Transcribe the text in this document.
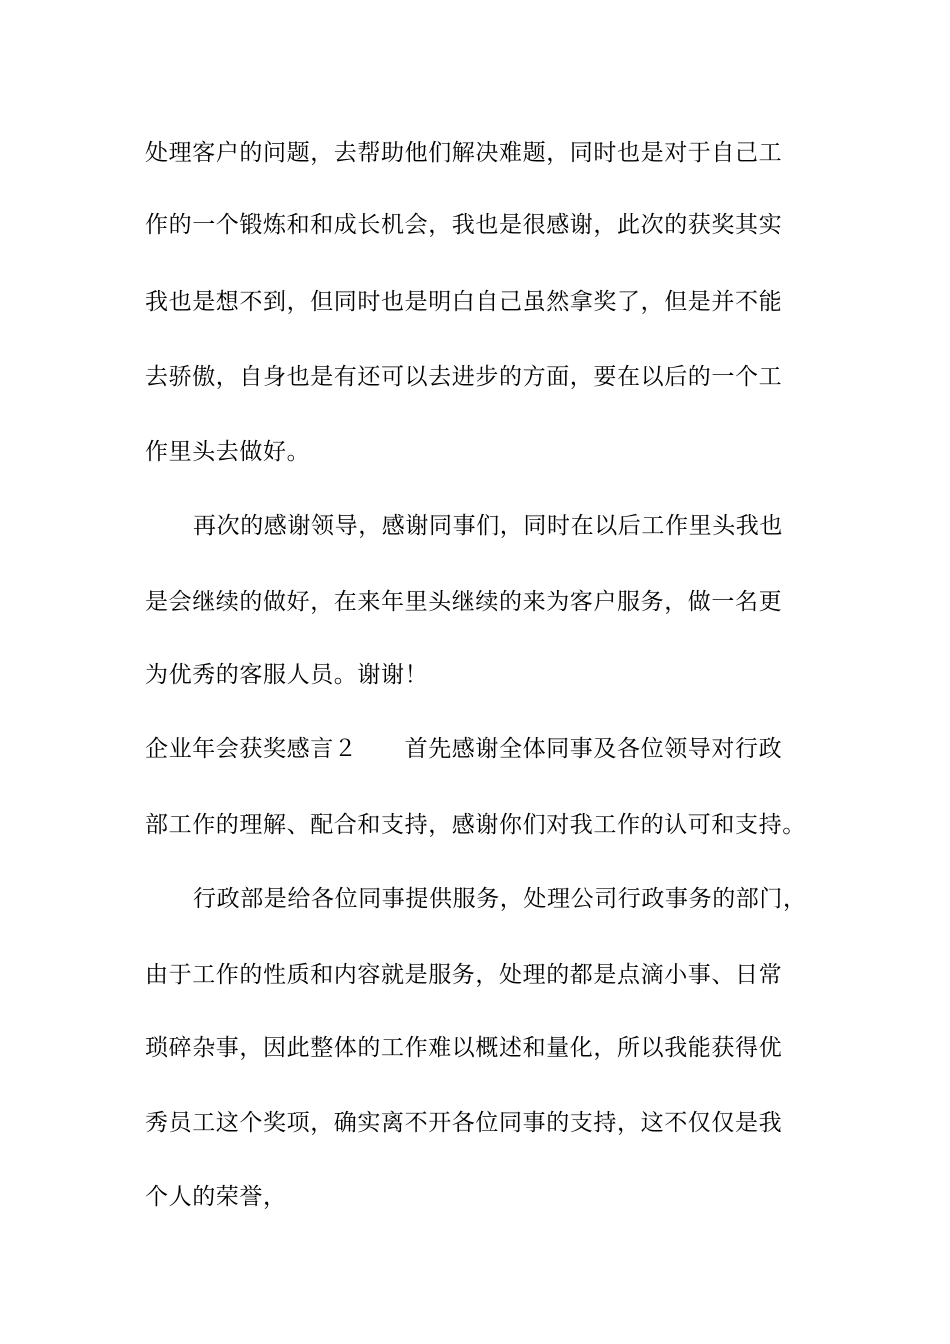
处理客户的问题，去帮助他们解决难题，同时也是对于自己工
作的一个锻炼和和成长机会，我也是很感谢，此次的获奖其实
我也是想不到，但同时也是明白自己虽然拿奖了，但是并不能
去骄傲，自身也是有还可以去进步的方面，要在以后的一个工
作里头去做好。
再次的感谢领导，感谢同事们，同时在以后工作里头我也
是会继续的做好，在来年里头继续的来为客户服务，做一名更
为优秀的客服人员。谢谢！
企业年会获奖感言２　　首先感谢全体同事及各位领导对行政
部工作的理解、配合和支持，感谢你们对我工作的认可和支持。
行政部是给各位同事提供服务，处理公司行政事务的部门，
由于工作的性质和内容就是服务，处理的都是点滴小事、日常
琐碎杂事，因此整体的工作难以概述和量化，所以我能获得优
秀员工这个奖项，确实离不开各位同事的支持，这不仅仅是我
个人的荣誉，
